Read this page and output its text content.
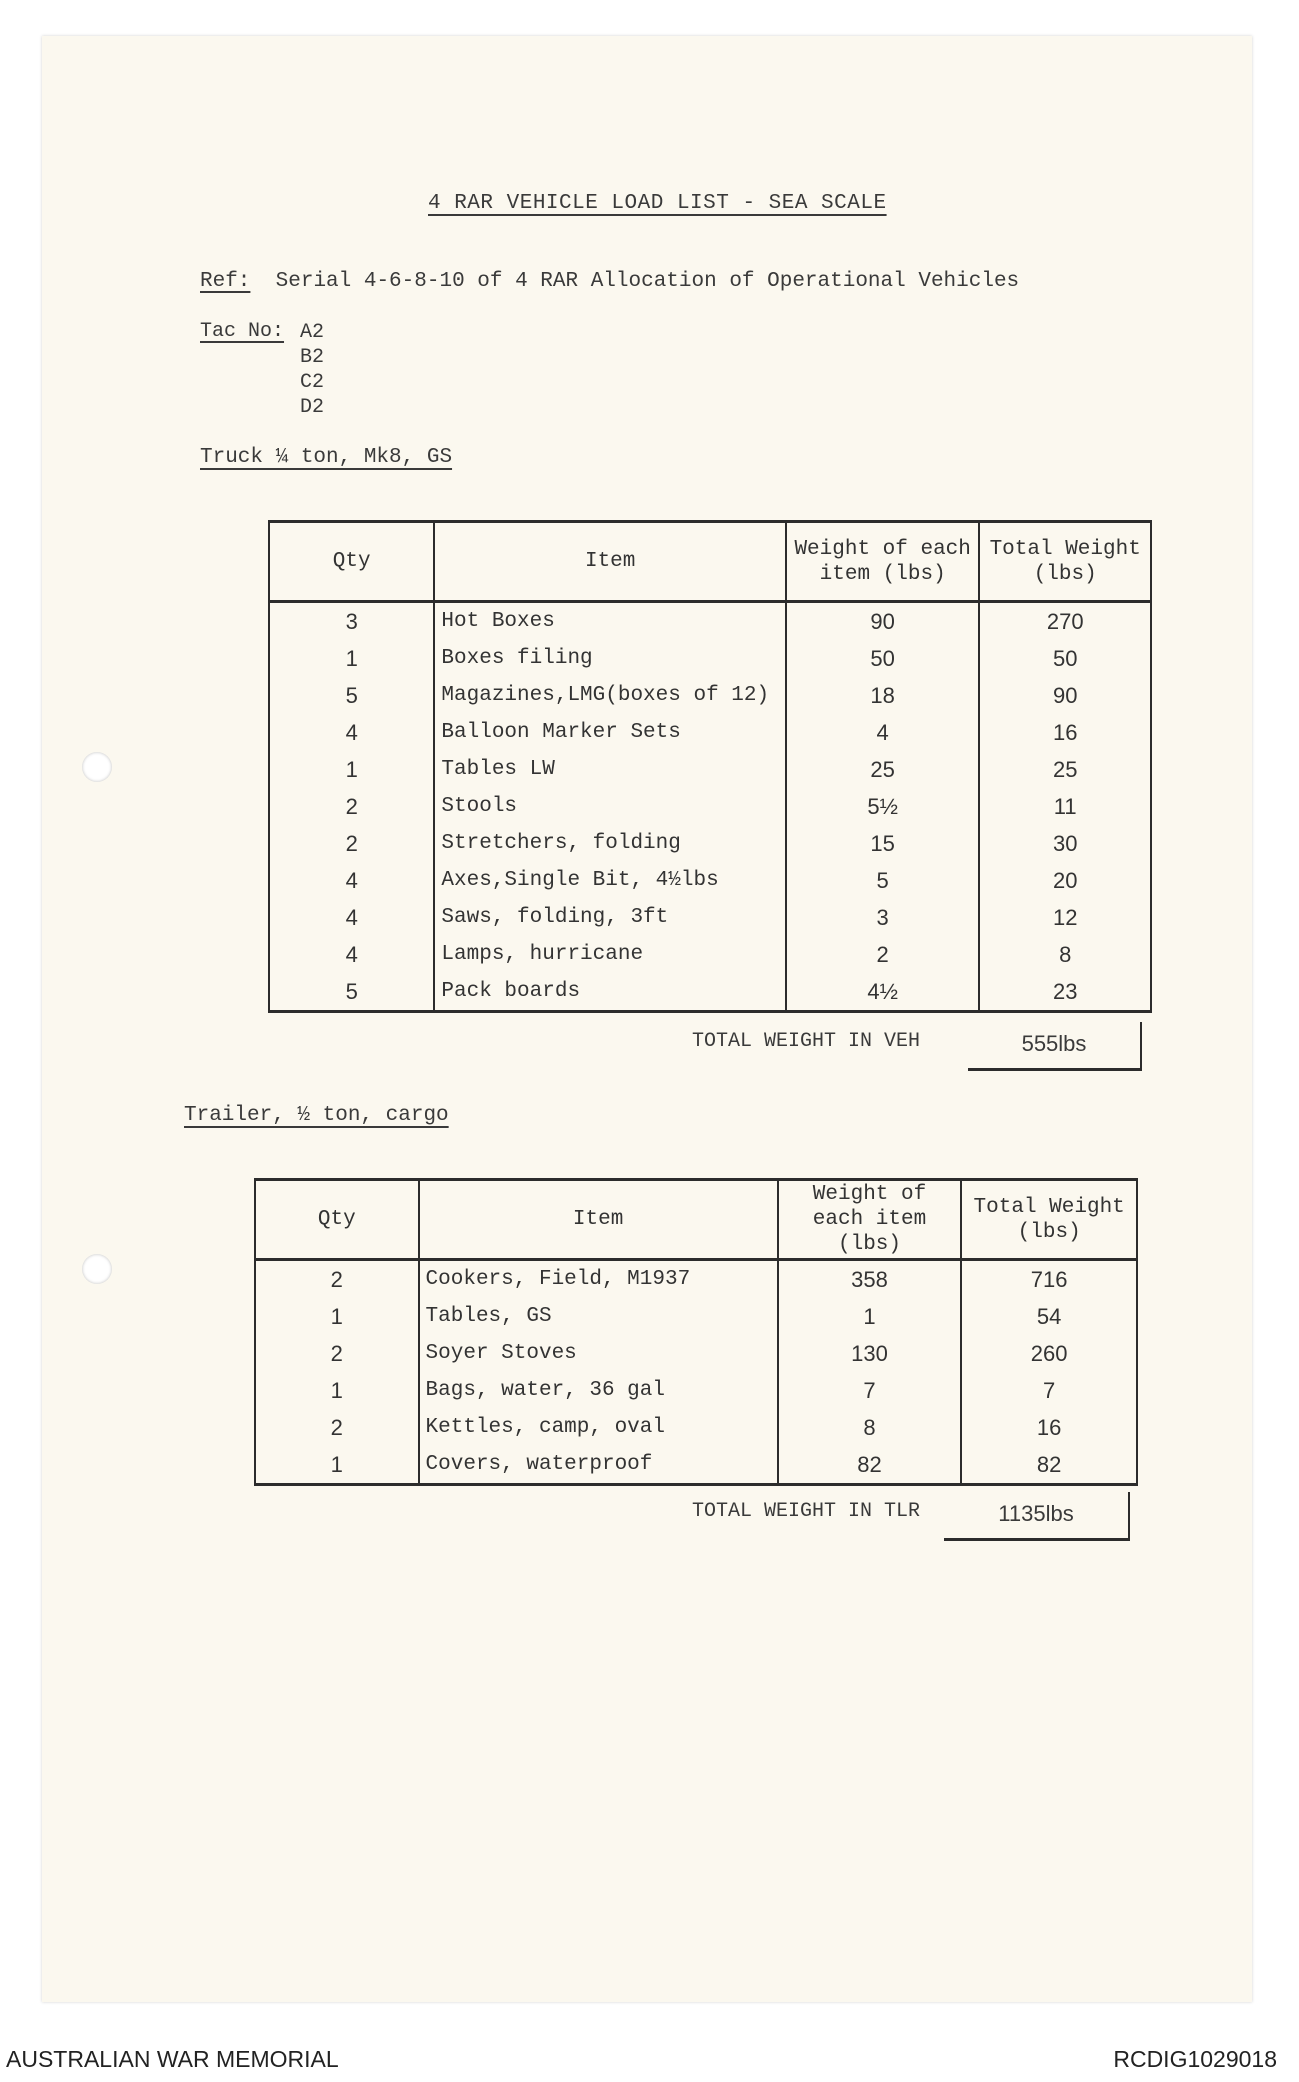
4 RAR VEHICLE LOAD LIST - SEA SCALE
Ref: Serial 4-6-8-10 of 4 RAR Allocation of Operational Vehicles
Tac No: A2
B2
C2
D2
Truck ¼ ton, Mk8, GS
Qty	Item	Weight of each item (lbs)	Total Weight (lbs)
3	Hot Boxes	90	270
1	Boxes filing	50	50
5	Magazines,LMG(boxes of 12)	18	90
4	Balloon Marker Sets	4	16
1	Tables LW	25	25
2	Stools	5½	11
2	Stretchers, folding	15	30
4	Axes,Single Bit, 4½lbs	5	20
4	Saws, folding, 3ft	3	12
4	Lamps, hurricane	2	8
5	Pack boards	4½	23
TOTAL WEIGHT IN VEH	555lbs
Trailer, ½ ton, cargo
Qty	Item	Weight of each item (lbs)	Total Weight (lbs)
2	Cookers, Field, M1937	358	716
1	Tables, GS	1	54
2	Soyer Stoves	130	260
1	Bags, water, 36 gal	7	7
2	Kettles, camp, oval	8	16
1	Covers, waterproof	82	82
TOTAL WEIGHT IN TLR	1135lbs
AUSTRALIAN WAR MEMORIAL	RCDIG1029018
